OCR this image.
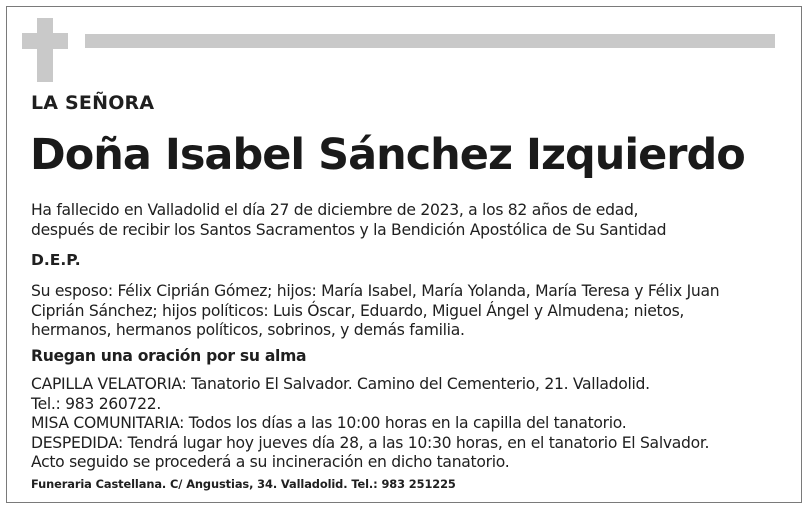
LA SEÑORA
Doña Isabel Sánchez Izquierdo
Ha fallecido en Valladolid el día 27 de diciembre de 2023, a los 82 años de edad,
después de recibir los Santos Sacramentos y la Bendición Apostólica de Su Santidad
D.E.P.
Su esposo: Félix Ciprián Gómez; hijos: María Isabel, María Yolanda, María Teresa y Félix Juan
Ciprián Sánchez; hijos políticos: Luis Óscar, Eduardo, Miguel Ángel y Almudena; nietos,
hermanos, hermanos políticos, sobrinos, y demás familia.
Ruegan una oración por su alma
CAPILLA VELATORIA: Tanatorio El Salvador. Camino del Cementerio, 21. Valladolid.
Tel.: 983 260722.
MISA COMUNITARIA: Todos los días a las 10:00 horas en la capilla del tanatorio.
DESPEDIDA: Tendrá lugar hoy jueves día 28, a las 10:30 horas, en el tanatorio El Salvador.
Acto seguido se procederá a su incineración en dicho tanatorio.
Funeraria Castellana. C/ Angustias, 34. Valladolid. Tel.: 983 251225
